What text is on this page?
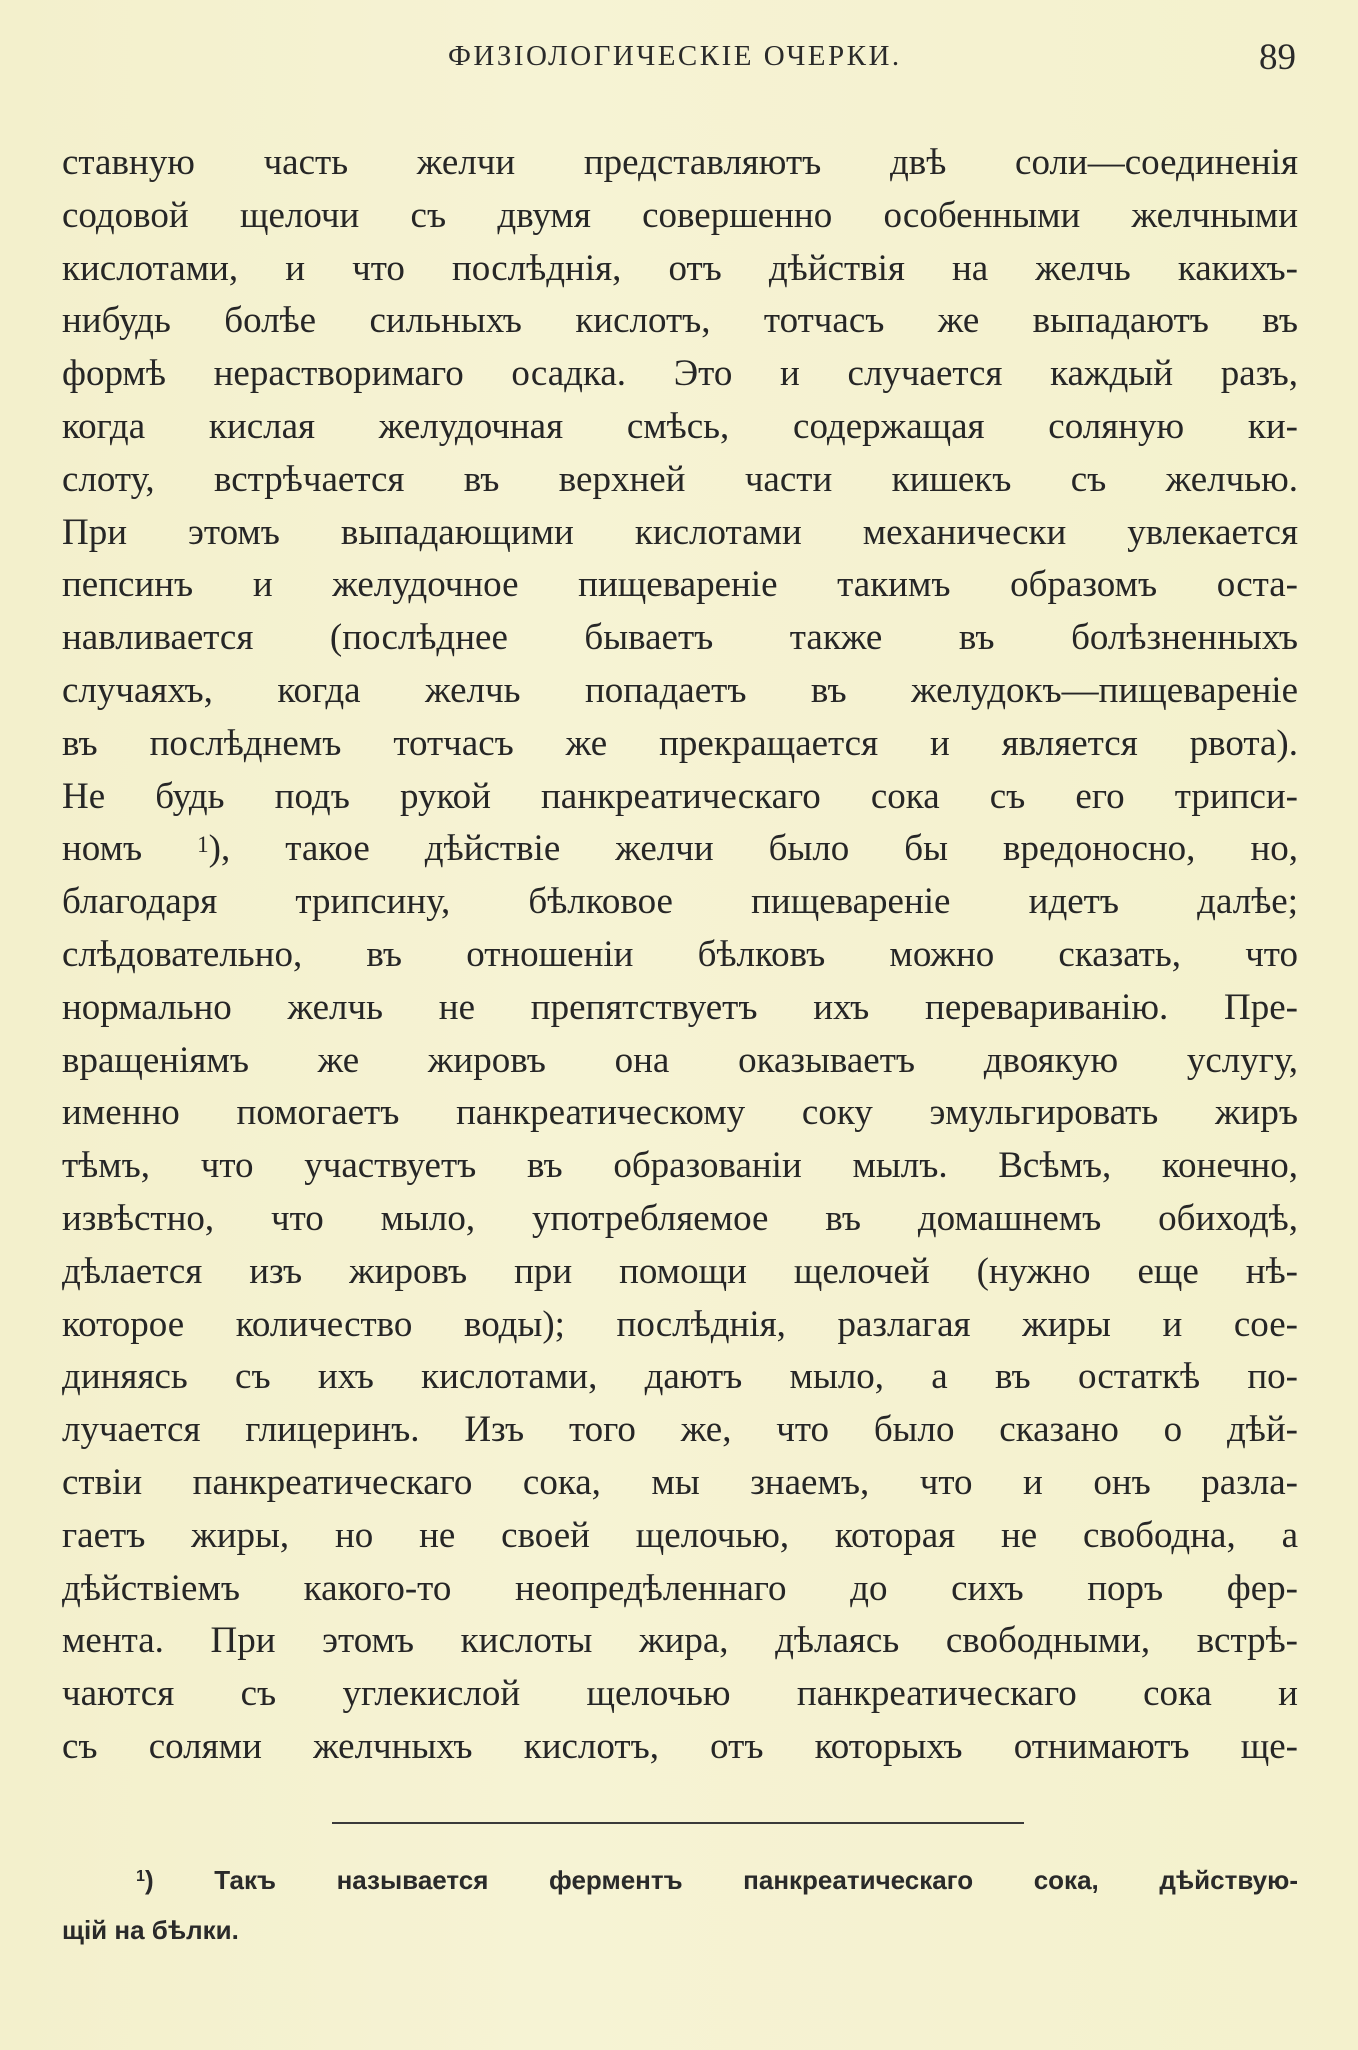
ФИЗIОЛОГИЧЕСКIЕ ОЧЕРКИ.	89
ставную часть желчи представляютъ двѣ соли—соединенія
содовой щелочи съ двумя совершенно особенными желчными
кислотами, и что послѣднія, отъ дѣйствія на желчь какихъ-
нибудь болѣе сильныхъ кислотъ, тотчасъ же выпадаютъ въ
формѣ нерастворимаго осадка. Это и случается каждый разъ,
когда кислая желудочная смѣсь, содержащая соляную ки-
слоту, встрѣчается въ верхней части кишекъ съ желчью.
При этомъ выпадающими кислотами механически увлекается
пепсинъ и желудочное пищевареніе такимъ образомъ оста-
навливается (послѣднее бываетъ также въ болѣзненныхъ
случаяхъ, когда желчь попадаетъ въ желудокъ—пищевареніе
въ послѣднемъ тотчасъ же прекращается и является рвота).
Не будь подъ рукой панкреатическаго сока съ его трипси-
номъ $^1$), такое дѣйствіе желчи было бы вредоносно, но,
благодаря трипсину, бѣлковое пищевареніе идетъ далѣе;
слѣдовательно, въ отношеніи бѣлковъ можно сказать, что
нормально желчь не препятствуетъ ихъ перевариванію. Пре-
вращеніямъ же жировъ она оказываетъ двоякую услугу,
именно помогаетъ панкреатическому соку эмульгировать жиръ
тѣмъ, что участвуетъ въ образованіи мылъ. Всѣмъ, конечно,
извѣстно, что мыло, употребляемое въ домашнемъ обиходѣ,
дѣлается изъ жировъ при помощи щелочей (нужно еще нѣ-
которое количество воды); послѣднія, разлагая жиры и сое-
диняясь съ ихъ кислотами, даютъ мыло, а въ остаткѣ по-
лучается глицеринъ. Изъ того же, что было сказано о дѣй-
ствіи панкреатическаго сока, мы знаемъ, что и онъ разла-
гаетъ жиры, но не своей щелочью, которая не свободна, а
дѣйствіемъ какого-то неопредѣленнаго до сихъ поръ фер-
мента. При этомъ кислоты жира, дѣлаясь свободными, встрѣ-
чаются съ углекислой щелочью панкреатическаго сока и
съ солями желчныхъ кислотъ, отъ которыхъ отнимаютъ ще-
$^1$) Такъ называется ферментъ панкреатическаго сока, дѣйствую-
щій на бѣлки.
